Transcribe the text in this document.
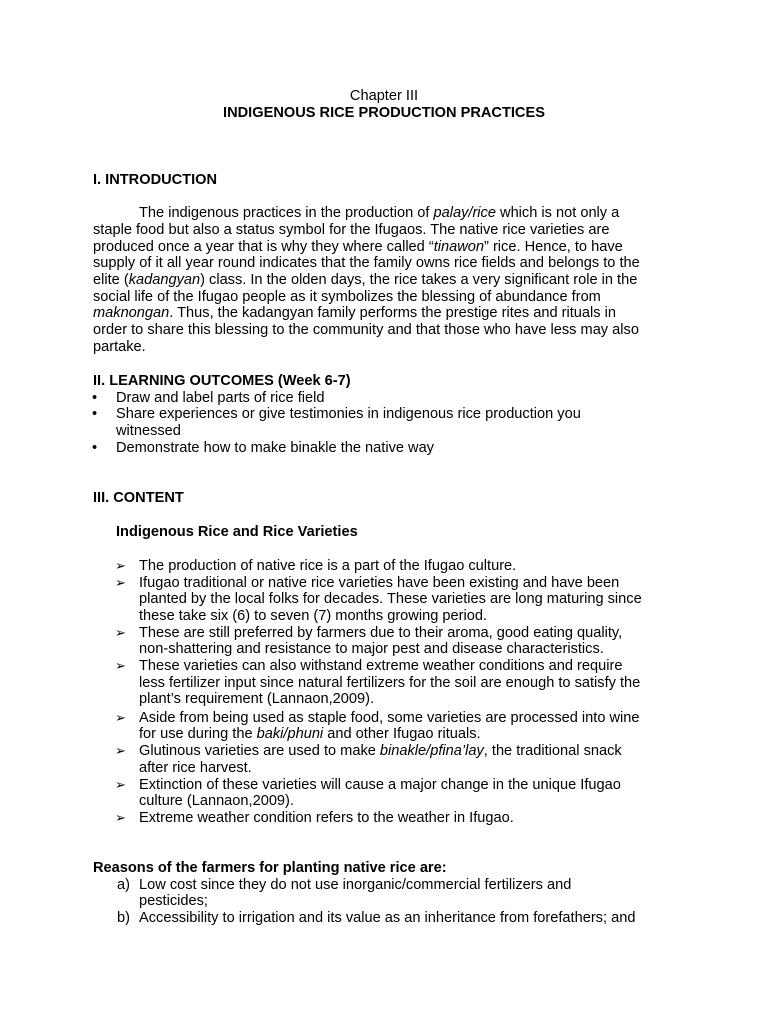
Chapter III
INDIGENOUS RICE PRODUCTION PRACTICES
I. INTRODUCTION
The indigenous practices in the production of palay/rice which is not only a
staple food but also a status symbol for the Ifugaos. The native rice varieties are
produced once a year that is why they where called “tinawon” rice. Hence, to have
supply of it all year round indicates that the family owns rice fields and belongs to the
elite (kadangyan) class. In the olden days, the rice takes a very significant role in the
social life of the Ifugao people as it symbolizes the blessing of abundance from
maknongan. Thus, the kadangyan family performs the prestige rites and rituals in
order to share this blessing to the community and that those who have less may also
partake.
II. LEARNING OUTCOMES (Week 6-7)
• Draw and label parts of rice field
• Share experiences or give testimonies in indigenous rice production you
witnessed
• Demonstrate how to make binakle the native way
III. CONTENT
Indigenous Rice and Rice Varieties
➢ The production of native rice is a part of the Ifugao culture.
➢ Ifugao traditional or native rice varieties have been existing and have been
planted by the local folks for decades. These varieties are long maturing since
these take six (6) to seven (7) months growing period.
➢ These are still preferred by farmers due to their aroma, good eating quality,
non-shattering and resistance to major pest and disease characteristics.
➢ These varieties can also withstand extreme weather conditions and require
less fertilizer input since natural fertilizers for the soil are enough to satisfy the
plant’s requirement (Lannaon,2009).
➢ Aside from being used as staple food, some varieties are processed into wine
for use during the baki/phuni and other Ifugao rituals.
➢ Glutinous varieties are used to make binakle/pfina’lay, the traditional snack
after rice harvest.
➢ Extinction of these varieties will cause a major change in the unique Ifugao
culture (Lannaon,2009).
➢ Extreme weather condition refers to the weather in Ifugao.
Reasons of the farmers for planting native rice are:
a) Low cost since they do not use inorganic/commercial fertilizers and
pesticides;
b) Accessibility to irrigation and its value as an inheritance from forefathers; and
